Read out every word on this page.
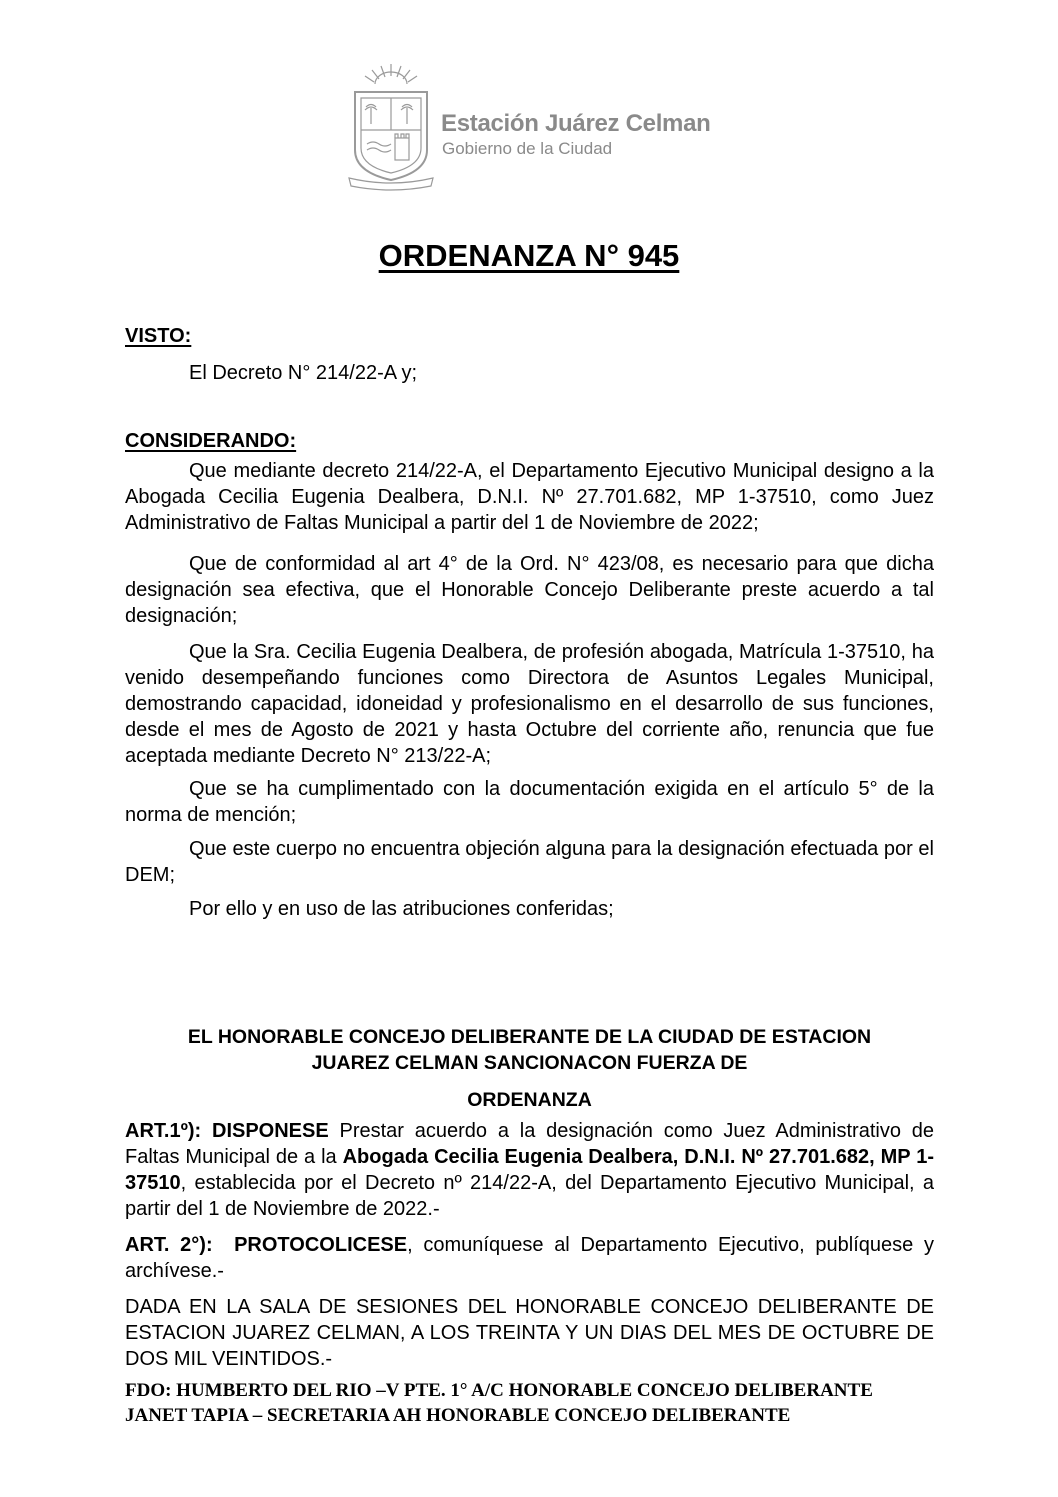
Estación Juárez Celman
Gobierno de la Ciudad
ORDENANZA N° 945
VISTO:
El Decreto N° 214/22-A y;
CONSIDERANDO:
Que mediante decreto 214/22-A, el Departamento Ejecutivo Municipal designo a la Abogada Cecilia Eugenia Dealbera, D.N.I. Nº 27.701.682, MP 1-37510, como Juez Administrativo de Faltas Municipal a partir del 1 de Noviembre de 2022;
Que de conformidad al art 4° de la Ord. N° 423/08, es necesario para que dicha designación sea efectiva, que el Honorable Concejo Deliberante preste acuerdo a tal designación;
Que la Sra. Cecilia Eugenia Dealbera, de profesión abogada, Matrícula 1-37510, ha venido desempeñando funciones como Directora de Asuntos Legales Municipal, demostrando capacidad, idoneidad y profesionalismo en el desarrollo de sus funciones, desde el mes de Agosto de 2021 y hasta Octubre del corriente año, renuncia que fue aceptada mediante Decreto N° 213/22-A;
Que se ha cumplimentado con la documentación exigida en el artículo 5° de la norma de mención;
Que este cuerpo no encuentra objeción alguna para la designación efectuada por el DEM;
Por ello y en uso de las atribuciones conferidas;
EL HONORABLE CONCEJO DELIBERANTE DE LA CIUDAD DE ESTACION
JUAREZ CELMAN SANCIONACON FUERZA DE
ORDENANZA
ART.1º): DISPONESE Prestar acuerdo a la designación como Juez Administrativo de Faltas Municipal de a la Abogada Cecilia Eugenia Dealbera, D.N.I. Nº 27.701.682, MP 1-37510, establecida por el Decreto nº 214/22-A, del Departamento Ejecutivo Municipal, a partir del 1 de Noviembre de 2022.-
ART. 2°): PROTOCOLICESE, comuníquese al Departamento Ejecutivo, publíquese y archívese.-
DADA EN LA SALA DE SESIONES DEL HONORABLE CONCEJO DELIBERANTE DE ESTACION JUAREZ CELMAN, A LOS TREINTA Y UN DIAS DEL MES DE OCTUBRE DE DOS MIL VEINTIDOS.-
FDO: HUMBERTO DEL RIO –V PTE. 1° A/C HONORABLE CONCEJO DELIBERANTE
JANET TAPIA – SECRETARIA AH HONORABLE CONCEJO DELIBERANTE
